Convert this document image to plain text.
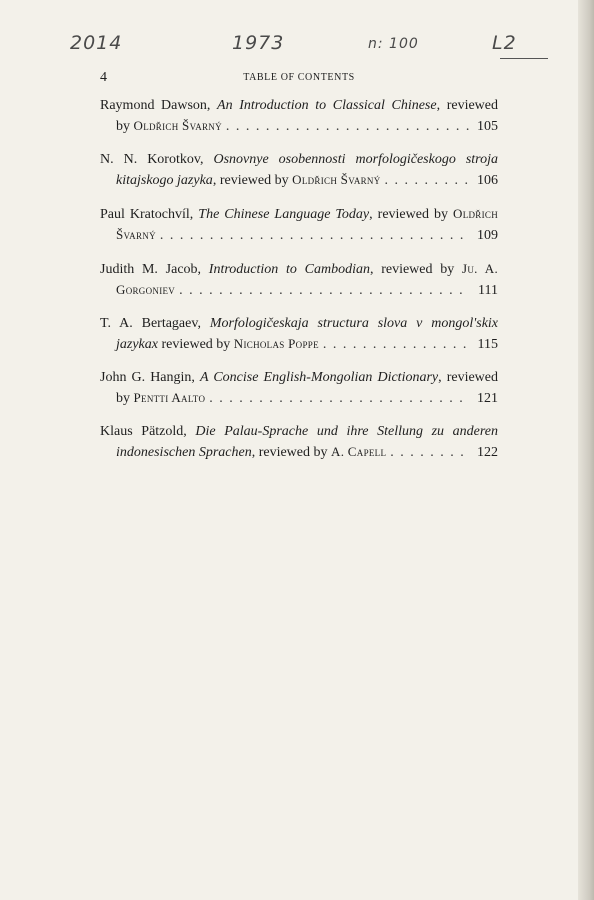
2014	1973	n: 100	L2
4	TABLE OF CONTENTS
Raymond Dawson, An Introduction to Classical Chinese, reviewed
by Oldřich Švarný . . .	105
N. N. Korotkov, Osnovnye osobennosti morfologičeskogo stroja
kitajskogo jazyka, reviewed by Oldřich Švarný . . .	106
Paul Kratochvíl, The Chinese Language Today, reviewed by Oldřich
Švarný . . .	109
Judith M. Jacob, Introduction to Cambodian, reviewed by Ju. A.
Gorgoniev . . .	111
T. A. Bertagaev, Morfologičeskaja structura slova v mongol'skix
jazykax reviewed by Nicholas Poppe . . .	115
John G. Hangin, A Concise English-Mongolian Dictionary, reviewed
by Pentti Aalto . . .	121
Klaus Pätzold, Die Palau-Sprache und ihre Stellung zu anderen
indonesischen Sprachen, reviewed by A. Capell . . .	122
